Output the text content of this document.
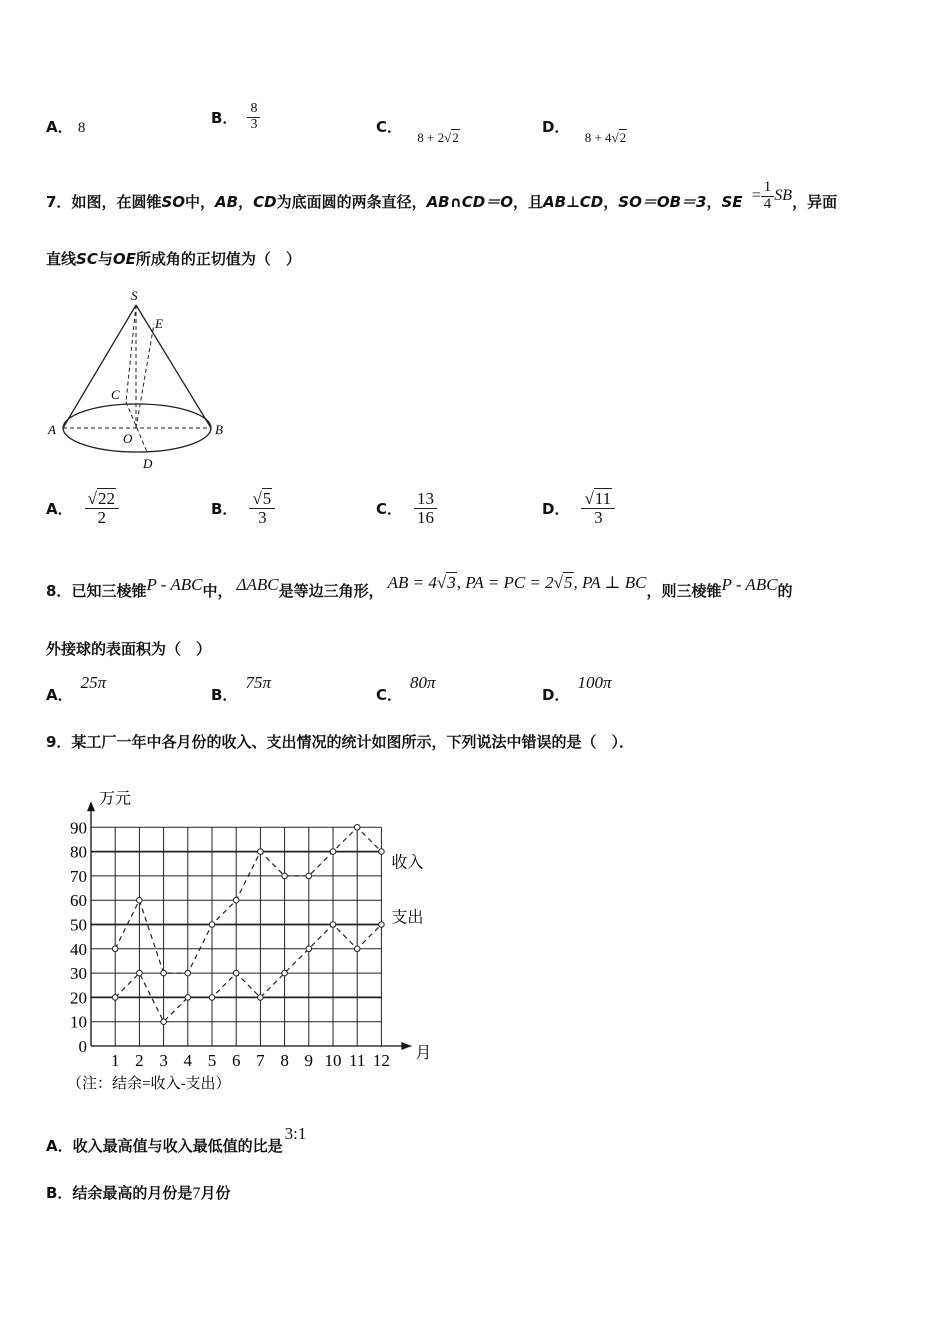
A． 8
B． $\frac{8}{3}$	C． 8 + 2√2
D． 8 + 4√2
7．如图，在圆锥SO中，AB，CD为底面圆的两条直径，AB∩CD＝O，且AB⊥CD，SO＝OB＝3，SE = $\frac{1}{4}$ SB ，异面
直线SC与OE所成角的正切值为（　）
S
E
C
A
O
B
D
A． $\frac{√22}{2}$	B． $\frac{√5}{3}$	C． $\frac{13}{16}$	D． $\frac{√11}{3}$
8．已知三棱锥P - ABC中， ΔABC是等边三角形， AB = 4√3, PA = PC = 2√5, PA ⊥ BC，则三棱锥P - ABC的
外接球的表面积为（　）
A．25π
B．75π
C．80π
D．100π
9．某工厂一年中各月份的收入、支出情况的统计如图所示，下列说法中错误的是（　）．
0
10
20
30
40
50
60
70
80
90
1 2 3 4 5 6 7 8 9 10 11 12
万元
月
（注：结余=收入-支出）
收入
支出
A．收入最高值与收入最低值的比是3:1
B．结余最高的月份是7月份
